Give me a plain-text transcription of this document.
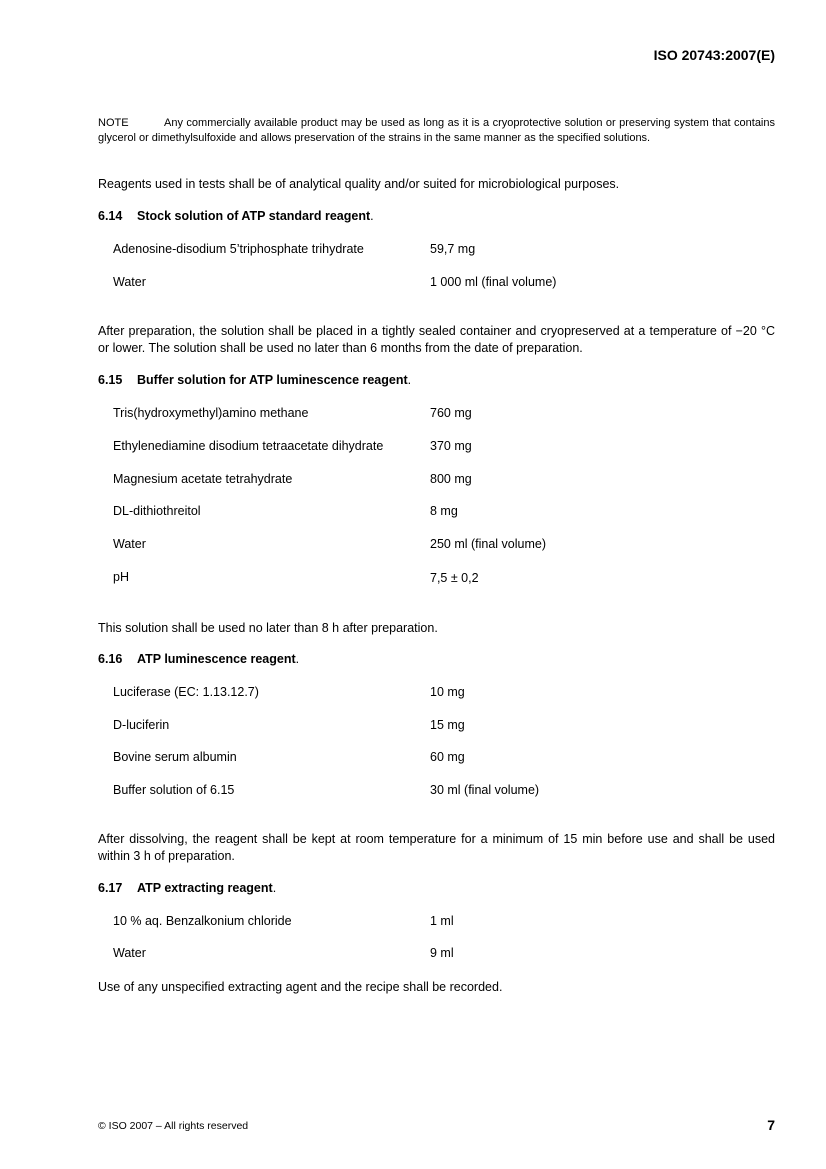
ISO 20743:2007(E)
NOTE	Any commercially available product may be used as long as it is a cryoprotective solution or preserving system that contains glycerol or dimethylsulfoxide and allows preservation of the strains in the same manner as the specified solutions.
Reagents used in tests shall be of analytical quality and/or suited for microbiological purposes.
6.14 Stock solution of ATP standard reagent.
Adenosine-disodium 5’triphosphate trihydrate	59,7 mg
Water	1 000 ml (final volume)
After preparation, the solution shall be placed in a tightly sealed container and cryopreserved at a temperature of −20 °C or lower. The solution shall be used no later than 6 months from the date of preparation.
6.15 Buffer solution for ATP luminescence reagent.
Tris(hydroxymethyl)amino methane	760 mg
Ethylenediamine disodium tetraacetate dihydrate	370 mg
Magnesium acetate tetrahydrate	800 mg
DL-dithiothreitol	8 mg
Water	250 ml (final volume)
pH	7,5 ± 0,2
This solution shall be used no later than 8 h after preparation.
6.16 ATP luminescence reagent.
Luciferase (EC: 1.13.12.7)	10 mg
D-luciferin	15 mg
Bovine serum albumin	60 mg
Buffer solution of 6.15	30 ml (final volume)
After dissolving, the reagent shall be kept at room temperature for a minimum of 15 min before use and shall be used within 3 h of preparation.
6.17 ATP extracting reagent.
10 % aq. Benzalkonium chloride	1 ml
Water	9 ml
Use of any unspecified extracting agent and the recipe shall be recorded.
© ISO 2007 – All rights reserved	7
